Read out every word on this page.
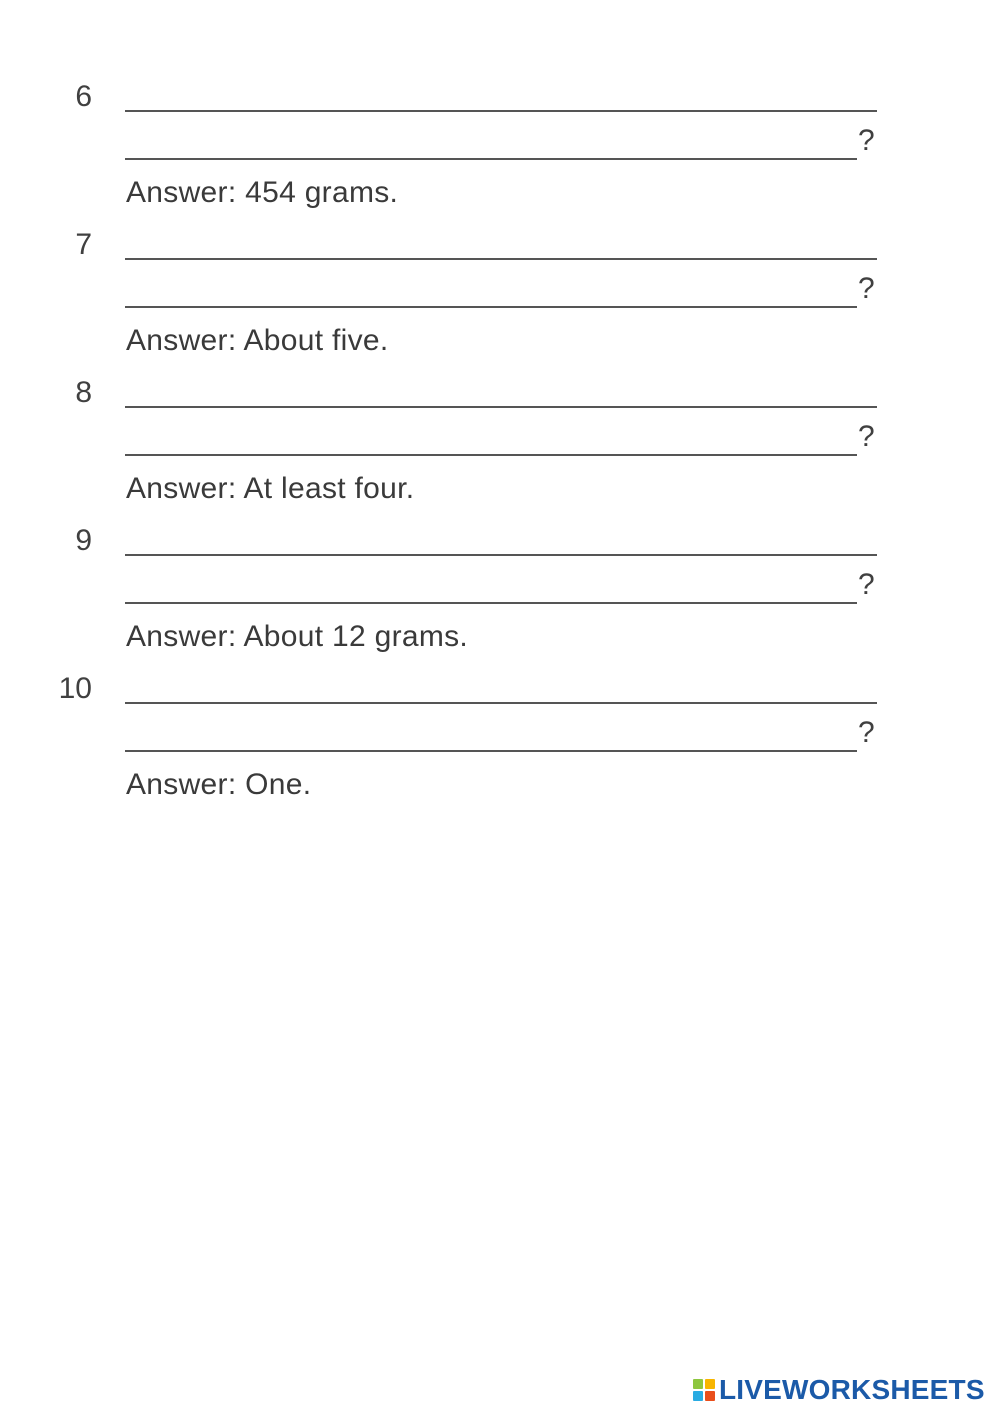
6
?
Answer: 454 grams.
7
?
Answer: About five.
8
?
Answer: At least four.
9
?
Answer: About 12 grams.
10
?
Answer: One.
LIVEWORKSHEETS
